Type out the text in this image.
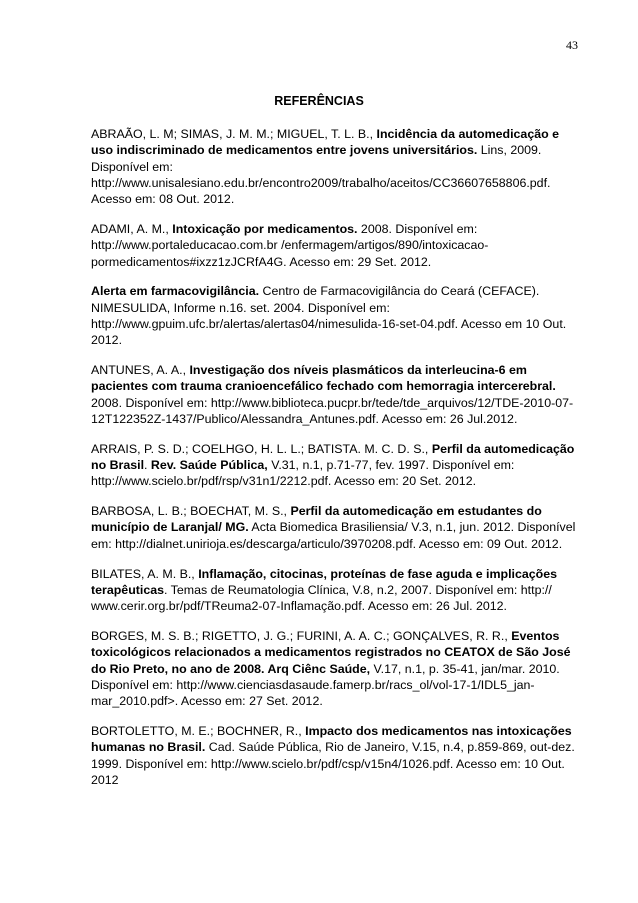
43
REFERÊNCIAS

ABRAÃO, L. M; SIMAS, J. M. M.; MIGUEL, T. L. B., Incidência da automedicação e uso indiscriminado de medicamentos entre jovens universitários. Lins, 2009. Disponível em: http://www.unisalesiano.edu.br/encontro2009/trabalho/aceitos/CC36607658806.pdf. Acesso em: 08 Out. 2012.

ADAMI, A. M., Intoxicação por medicamentos. 2008. Disponível em: http://www.portaleducacao.com.br /enfermagem/artigos/890/intoxicacao-pormedicamentos#ixzz1zJCRfA4G. Acesso em: 29 Set. 2012.

Alerta em farmacovigilância. Centro de Farmacovigilância do Ceará (CEFACE). NIMESULIDA, Informe n.16. set. 2004. Disponível em: http://www.gpuim.ufc.br/alertas/alertas04/nimesulida-16-set-04.pdf. Acesso em 10 Out. 2012.

ANTUNES, A. A., Investigação dos níveis plasmáticos da interleucina-6 em pacientes com trauma cranioencefálico fechado com hemorragia intercerebral. 2008. Disponível em: http://www.biblioteca.pucpr.br/tede/tde_arquivos/12/TDE-2010-07-12T122352Z-1437/Publico/Alessandra_Antunes.pdf. Acesso em: 26 Jul.2012.

ARRAIS, P. S. D.; COELHGO, H. L. L.; BATISTA. M. C. D. S., Perfil da automedicação no Brasil. Rev. Saúde Pública, V.31, n.1, p.71-77, fev. 1997. Disponível em: http://www.scielo.br/pdf/rsp/v31n1/2212.pdf. Acesso em: 20 Set. 2012.

BARBOSA, L. B.; BOECHAT, M. S., Perfil da automedicação em estudantes do município de Laranjal/ MG. Acta Biomedica Brasiliensia/ V.3, n.1, jun. 2012. Disponível em: http://dialnet.unirioja.es/descarga/articulo/3970208.pdf. Acesso em: 09 Out. 2012.

BILATES, A. M. B., Inflamação, citocinas, proteínas de fase aguda e implicações terapêuticas. Temas de Reumatologia Clínica, V.8, n.2, 2007. Disponível em: http:// www.cerir.org.br/pdf/TReuma2-07-Inflamação.pdf. Acesso em: 26 Jul. 2012.

BORGES, M. S. B.; RIGETTO, J. G.; FURINI, A. A. C.; GONÇALVES, R. R., Eventos toxicológicos relacionados a medicamentos registrados no CEATOX de São José do Rio Preto, no ano de 2008. Arq Ciênc Saúde, V.17, n.1, p. 35-41, jan/mar. 2010. Disponível em: http://www.cienciasdasaude.famerp.br/racs_ol/vol-17-1/IDL5_jan-mar_2010.pdf>. Acesso em: 27 Set. 2012.

BORTOLETTO, M. E.; BOCHNER, R., Impacto dos medicamentos nas intoxicações humanas no Brasil. Cad. Saúde Pública, Rio de Janeiro, V.15, n.4, p.859-869, out-dez. 1999. Disponível em: http://www.scielo.br/pdf/csp/v15n4/1026.pdf. Acesso em: 10 Out. 2012
